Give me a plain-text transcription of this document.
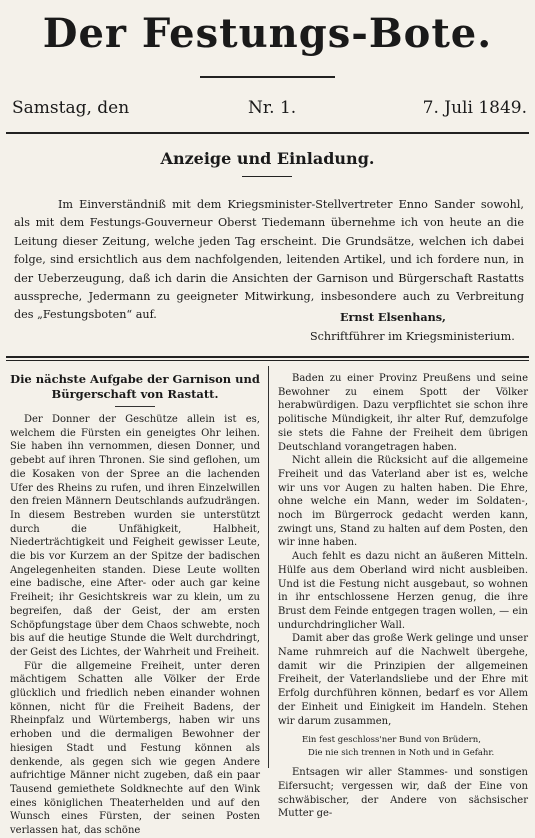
Der Festungs-Bote.
Samstag, den	Nr. 1.	7. Juli 1849.
Anzeige und Einladung.

Im Einverständniß mit dem Kriegsminister-Stellvertreter Enno Sander sowohl, als mit dem Festungs-Gouverneur Oberst Tiedemann übernehme ich von heute an die Leitung dieser Zeitung, welche jeden Tag erscheint. Die Grundsätze, welchen ich dabei folge, sind ersichtlich aus dem nachfolgenden, leitenden Artikel, und ich fordere nun, in der Ueberzeugung, daß ich darin die Ansichten der Garnison und Bürgerschaft Rastatts ausspreche, Jedermann zu geeigneter Mitwirkung, insbesondere auch zu Verbreitung des „Festungsboten“ auf.	Ernst Elsenhans,
Schriftführer im Kriegsministerium.
Die nächste Aufgabe der Garnison und Bürgerschaft von Rastatt.

Der Donner der Geschütze allein ist es, welchem die Fürsten ein geneigtes Ohr leihen. Sie haben ihn vernommen, diesen Donner, und gebebt auf ihren Thronen. Sie sind geflohen, um die Kosaken von der Spree an die lachenden Ufer des Rheins zu rufen, und ihren Einzelwillen den freien Männern Deutschlands aufzudrängen. In diesem Bestreben wurden sie unterstützt durch die Unfähigkeit, Halbheit, Niederträchtigkeit und Feigheit gewisser Leute, die bis vor Kurzem an der Spitze der badischen Angelegenheiten standen. Diese Leute wollten eine badische, eine After- oder auch gar keine Freiheit; ihr Gesichtskreis war zu klein, um zu begreifen, daß der Geist, der am ersten Schöpfungstage über dem Chaos schwebte, noch bis auf die heutige Stunde die Welt durchdringt, der Geist des Lichtes, der Wahrheit und Freiheit.

Für die allgemeine Freiheit, unter deren mächtigem Schatten alle Völker der Erde glücklich und friedlich neben einander wohnen können, nicht für die Freiheit Badens, der Rheinpfalz und Würtembergs, haben wir uns erhoben und die dermaligen Bewohner der hiesigen Stadt und Festung können als denkende, als gegen sich wie gegen Andere aufrichtige Männer nicht zugeben, daß ein paar Tausend gemiethete Soldknechte auf den Wink eines königlichen Theaterhelden und auf den Wunsch eines Fürsten, der seinen Posten verlassen hat, das schöne

Baden zu einer Provinz Preußens und seine Bewohner zu einem Spott der Völker herabwürdigen. Dazu verpflichtet sie schon ihre politische Mündigkeit, ihr alter Ruf, demzufolge sie stets die Fahne der Freiheit dem übrigen Deutschland vorangetragen haben.

Nicht allein die Rücksicht auf die allgemeine Freiheit und das Vaterland aber ist es, welche wir uns vor Augen zu halten haben. Die Ehre, ohne welche ein Mann, weder im Soldaten-, noch im Bürgerrock gedacht werden kann, zwingt uns, Stand zu halten auf dem Posten, den wir inne haben.

Auch fehlt es dazu nicht an äußeren Mitteln. Hülfe aus dem Oberland wird nicht ausbleiben. Und ist die Festung nicht ausgebaut, so wohnen in ihr entschlossene Herzen genug, die ihre Brust dem Feinde entgegen tragen wollen, — ein undurchdringlicher Wall.

Damit aber das große Werk gelinge und unser Name ruhmreich auf die Nachwelt übergehe, damit wir die Prinzipien der allgemeinen Freiheit, der Vaterlandsliebe und der Ehre mit Erfolg durchführen können, bedarf es vor Allem der Einheit und Einigkeit im Handeln. Stehen wir darum zusammen,

Ein fest geschloss'ner Bund von Brüdern,
Die nie sich trennen in Noth und in Gefahr.

Entsagen wir aller Stammes- und sonstigen Eifersucht; vergessen wir, daß der Eine von schwäbischer, der Andere von sächsischer Mutter ge-
